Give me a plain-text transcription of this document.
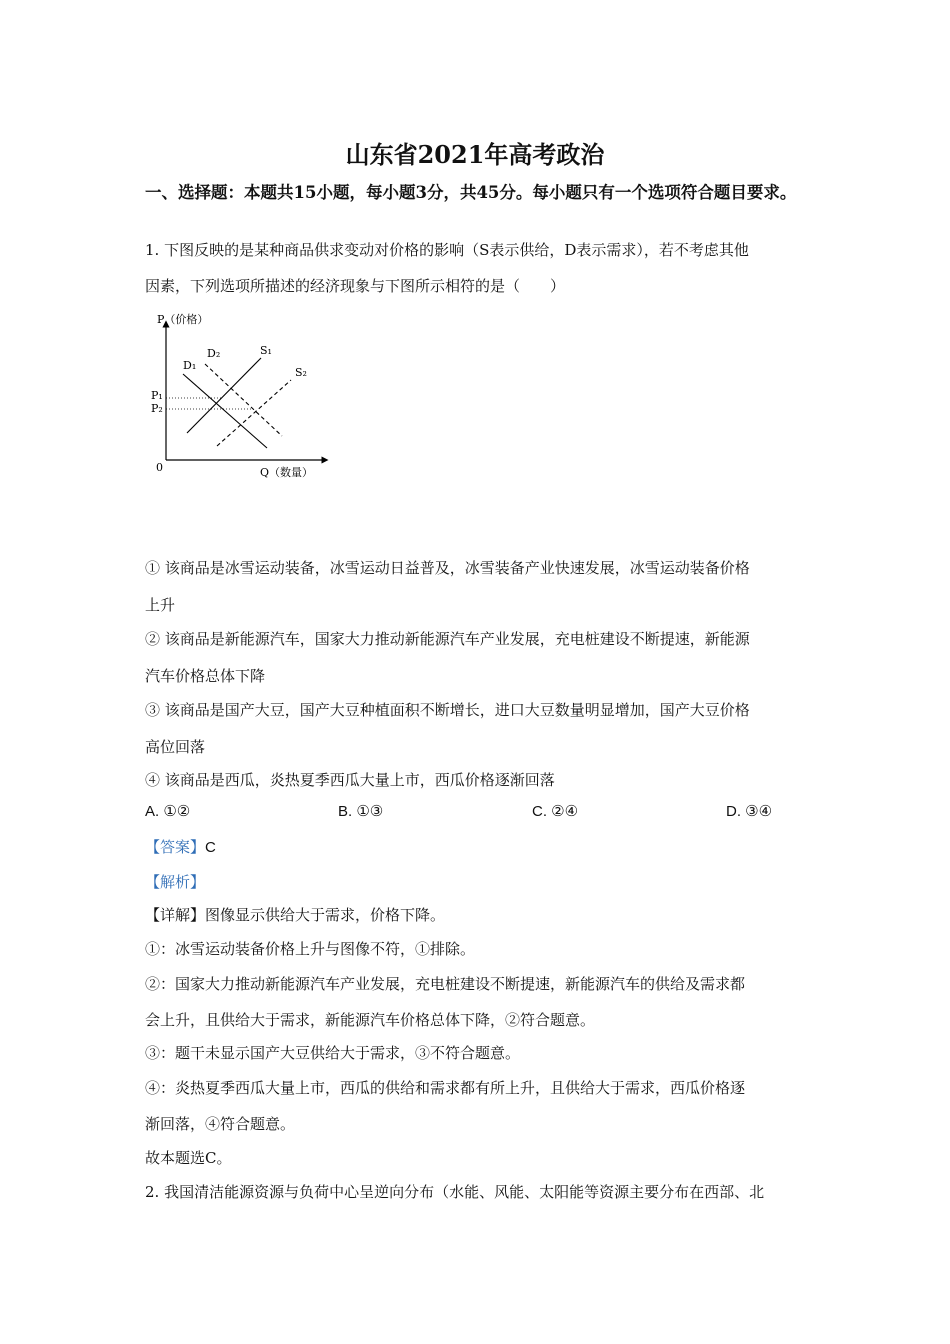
山东省2021年高考政治
一、选择题：本题共15小题，每小题3分，共45分。每小题只有一个选项符合题目要求。
1. 下图反映的是某种商品供求变动对价格的影响（S表示供给，D表示需求），若不考虑其他
因素，下列选项所描述的经济现象与下图所示相符的是（　　）
P（价格）
Q（数量）
0
S₁
S₂
D₁
D₂
P₁
P₂
① 该商品是冰雪运动装备，冰雪运动日益普及，冰雪装备产业快速发展，冰雪运动装备价格
上升
② 该商品是新能源汽车，国家大力推动新能源汽车产业发展，充电桩建设不断提速，新能源
汽车价格总体下降
③ 该商品是国产大豆，国产大豆种植面积不断增长，进口大豆数量明显增加，国产大豆价格
高位回落
④ 该商品是西瓜，炎热夏季西瓜大量上市，西瓜价格逐渐回落
A. ①②	B. ①③	C. ②④	D. ③④
【答案】C
【解析】
【详解】图像显示供给大于需求，价格下降。
①：冰雪运动装备价格上升与图像不符，①排除。
②：国家大力推动新能源汽车产业发展，充电桩建设不断提速，新能源汽车的供给及需求都
会上升，且供给大于需求，新能源汽车价格总体下降，②符合题意。
③：题干未显示国产大豆供给大于需求，③不符合题意。
④：炎热夏季西瓜大量上市，西瓜的供给和需求都有所上升，且供给大于需求，西瓜价格逐
渐回落，④符合题意。
故本题选C。
2. 我国清洁能源资源与负荷中心呈逆向分布（水能、风能、太阳能等资源主要分布在西部、北
